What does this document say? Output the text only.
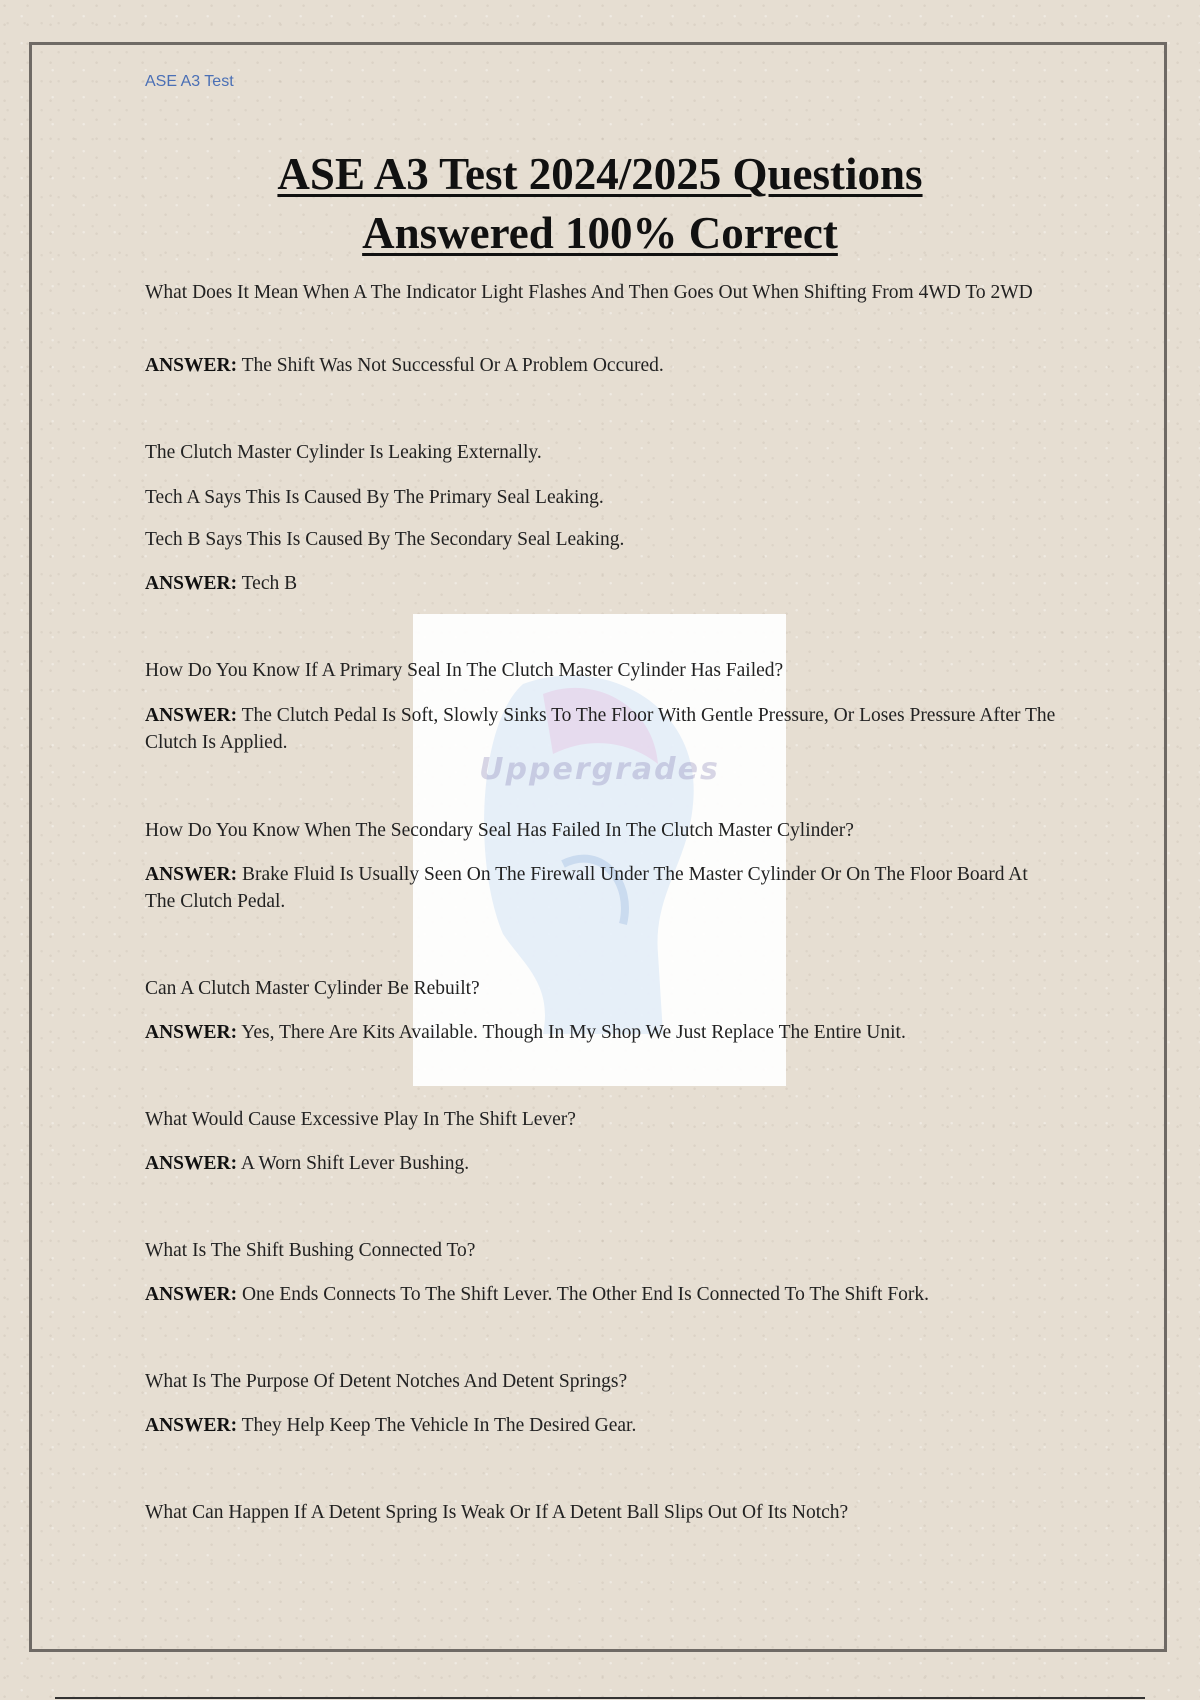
ASE A3 Test
ASE A3 Test 2024/2025 Questions
Answered 100% Correct
Uppergrades
What Does It Mean When A The Indicator Light Flashes And Then Goes Out When Shifting From 4WD To 2WD
ANSWER: The Shift Was Not Successful Or A Problem Occured.
The Clutch Master Cylinder Is Leaking Externally.
Tech A Says This Is Caused By The Primary Seal Leaking.
Tech B Says This Is Caused By The Secondary Seal Leaking.
ANSWER: Tech B
How Do You Know If A Primary Seal In The Clutch Master Cylinder Has Failed?
ANSWER: The Clutch Pedal Is Soft, Slowly Sinks To The Floor With Gentle Pressure, Or Loses Pressure After The Clutch Is Applied.
How Do You Know When The Secondary Seal Has Failed In The Clutch Master Cylinder?
ANSWER: Brake Fluid Is Usually Seen On The Firewall Under The Master Cylinder Or On The Floor Board At The Clutch Pedal.
Can A Clutch Master Cylinder Be Rebuilt?
ANSWER: Yes, There Are Kits Available. Though In My Shop We Just Replace The Entire Unit.
What Would Cause Excessive Play In The Shift Lever?
ANSWER: A Worn Shift Lever Bushing.
What Is The Shift Bushing Connected To?
ANSWER: One Ends Connects To The Shift Lever. The Other End Is Connected To The Shift Fork.
What Is The Purpose Of Detent Notches And Detent Springs?
ANSWER: They Help Keep The Vehicle In The Desired Gear.
What Can Happen If A Detent Spring Is Weak Or If A Detent Ball Slips Out Of Its Notch?
